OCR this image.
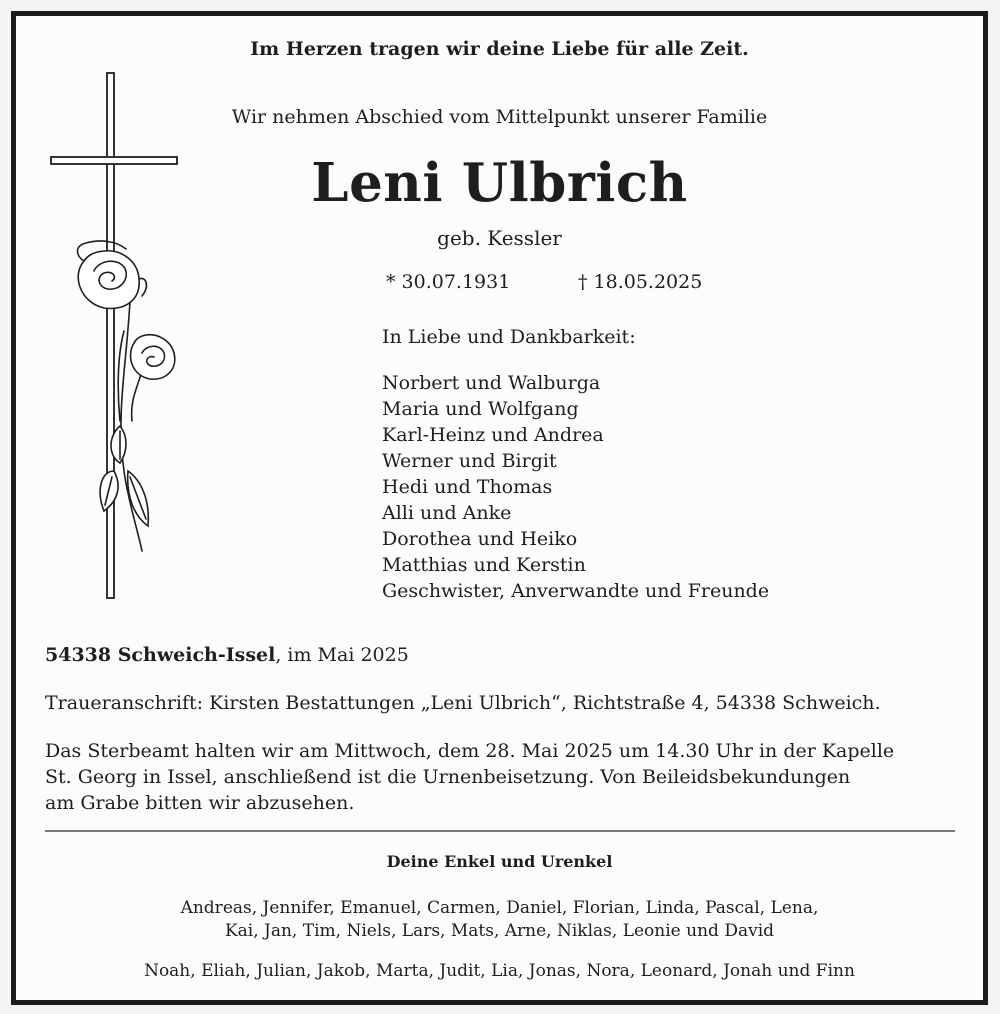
Im Herzen tragen wir deine Liebe für alle Zeit.
Wir nehmen Abschied vom Mittelpunkt unserer Familie
Leni Ulbrich
geb. Kessler
* 30.07.1931	† 18.05.2025
In Liebe und Dankbarkeit:
Norbert und Walburga
Maria und Wolfgang
Karl-Heinz und Andrea
Werner und Birgit
Hedi und Thomas
Alli und Anke
Dorothea und Heiko
Matthias und Kerstin
Geschwister, Anverwandte und Freunde
54338 Schweich-Issel, im Mai 2025
Traueranschrift: Kirsten Bestattungen „Leni Ulbrich“, Richtstraße 4, 54338 Schweich.
Das Sterbeamt halten wir am Mittwoch, dem 28. Mai 2025 um 14.30 Uhr in der Kapelle
St. Georg in Issel, anschließend ist die Urnenbeisetzung. Von Beileidsbekundungen
am Grabe bitten wir abzusehen.
Deine Enkel und Urenkel
Andreas, Jennifer, Emanuel, Carmen, Daniel, Florian, Linda, Pascal, Lena,
Kai, Jan, Tim, Niels, Lars, Mats, Arne, Niklas, Leonie und David
Noah, Eliah, Julian, Jakob, Marta, Judit, Lia, Jonas, Nora, Leonard, Jonah und Finn
